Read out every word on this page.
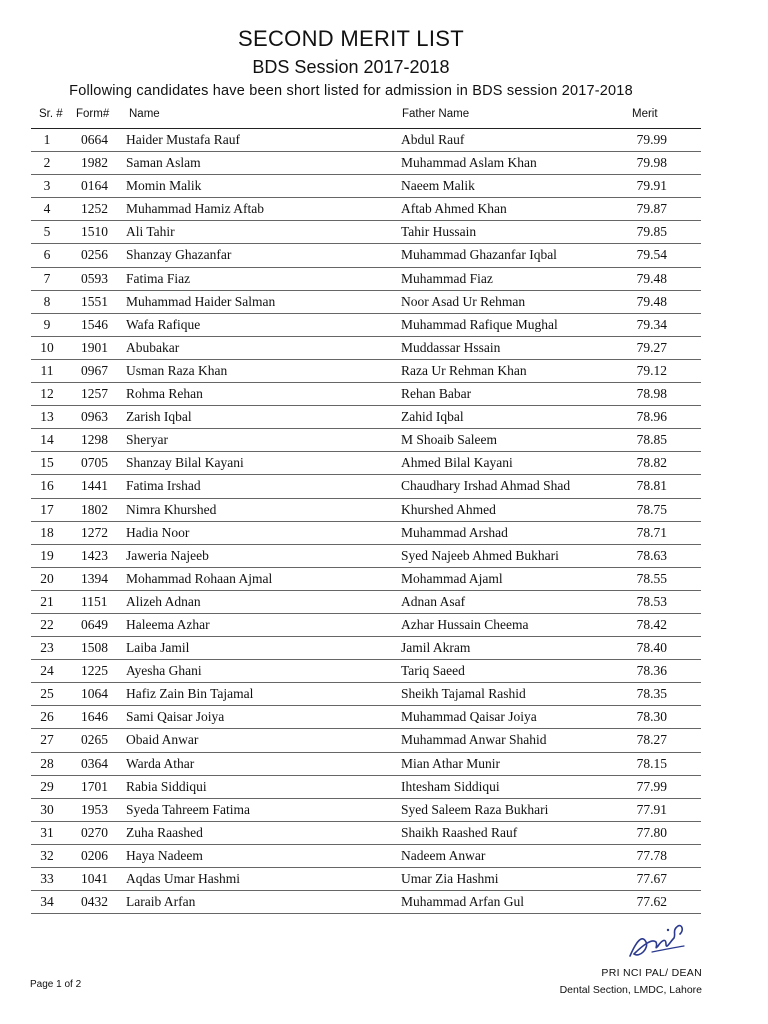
SECOND MERIT LIST
BDS Session 2017-2018
Following candidates have been short listed for admission in BDS session 2017-2018
Sr. # Form# Name	Father Name	Merit
1	0664 Haider Mustafa Rauf	Abdul Rauf	79.99
2	1982 Saman Aslam	Muhammad Aslam Khan	79.98
3	0164 Momin Malik	Naeem Malik	79.91
4	1252 Muhammad Hamiz Aftab	Aftab Ahmed Khan	79.87
5	1510 Ali Tahir	Tahir Hussain	79.85
6	0256 Shanzay Ghazanfar	Muhammad Ghazanfar Iqbal	79.54
7	0593 Fatima Fiaz	Muhammad Fiaz	79.48
8	1551 Muhammad Haider Salman	Noor Asad Ur Rehman	79.48
9	1546 Wafa Rafique	Muhammad Rafique Mughal	79.34
10	1901 Abubakar	Muddassar Hssain	79.27
11	0967 Usman Raza Khan	Raza Ur Rehman Khan	79.12
12	1257 Rohma Rehan	Rehan Babar	78.98
13	0963 Zarish Iqbal	Zahid Iqbal	78.96
14	1298 Sheryar	M Shoaib Saleem	78.85
15	0705 Shanzay Bilal Kayani	Ahmed Bilal Kayani	78.82
16	1441 Fatima Irshad	Chaudhary Irshad Ahmad Shad	78.81
17	1802 Nimra Khurshed	Khurshed Ahmed	78.75
18	1272 Hadia Noor	Muhammad Arshad	78.71
19	1423 Jaweria Najeeb	Syed Najeeb Ahmed Bukhari	78.63
20	1394 Mohammad Rohaan Ajmal	Mohammad Ajaml	78.55
21	1151 Alizeh Adnan	Adnan Asaf	78.53
22	0649 Haleema Azhar	Azhar Hussain Cheema	78.42
23	1508 Laiba Jamil	Jamil Akram	78.40
24	1225 Ayesha Ghani	Tariq Saeed	78.36
25	1064 Hafiz Zain Bin Tajamal	Sheikh Tajamal Rashid	78.35
26	1646 Sami Qaisar Joiya	Muhammad Qaisar Joiya	78.30
27	0265 Obaid Anwar	Muhammad Anwar Shahid	78.27
28	0364 Warda Athar	Mian Athar Munir	78.15
29	1701 Rabia Siddiqui	Ihtesham Siddiqui	77.99
30	1953 Syeda Tahreem Fatima	Syed Saleem Raza Bukhari	77.91
31	0270 Zuha Raashed	Shaikh Raashed Rauf	77.80
32	0206 Haya Nadeem	Nadeem Anwar	77.78
33	1041 Aqdas Umar Hashmi	Umar Zia Hashmi	77.67
34	0432 Laraib Arfan	Muhammad Arfan Gul	77.62
PRI NCI PAL/ DEAN
Dental Section, LMDC, Lahore
Page 1 of 2
